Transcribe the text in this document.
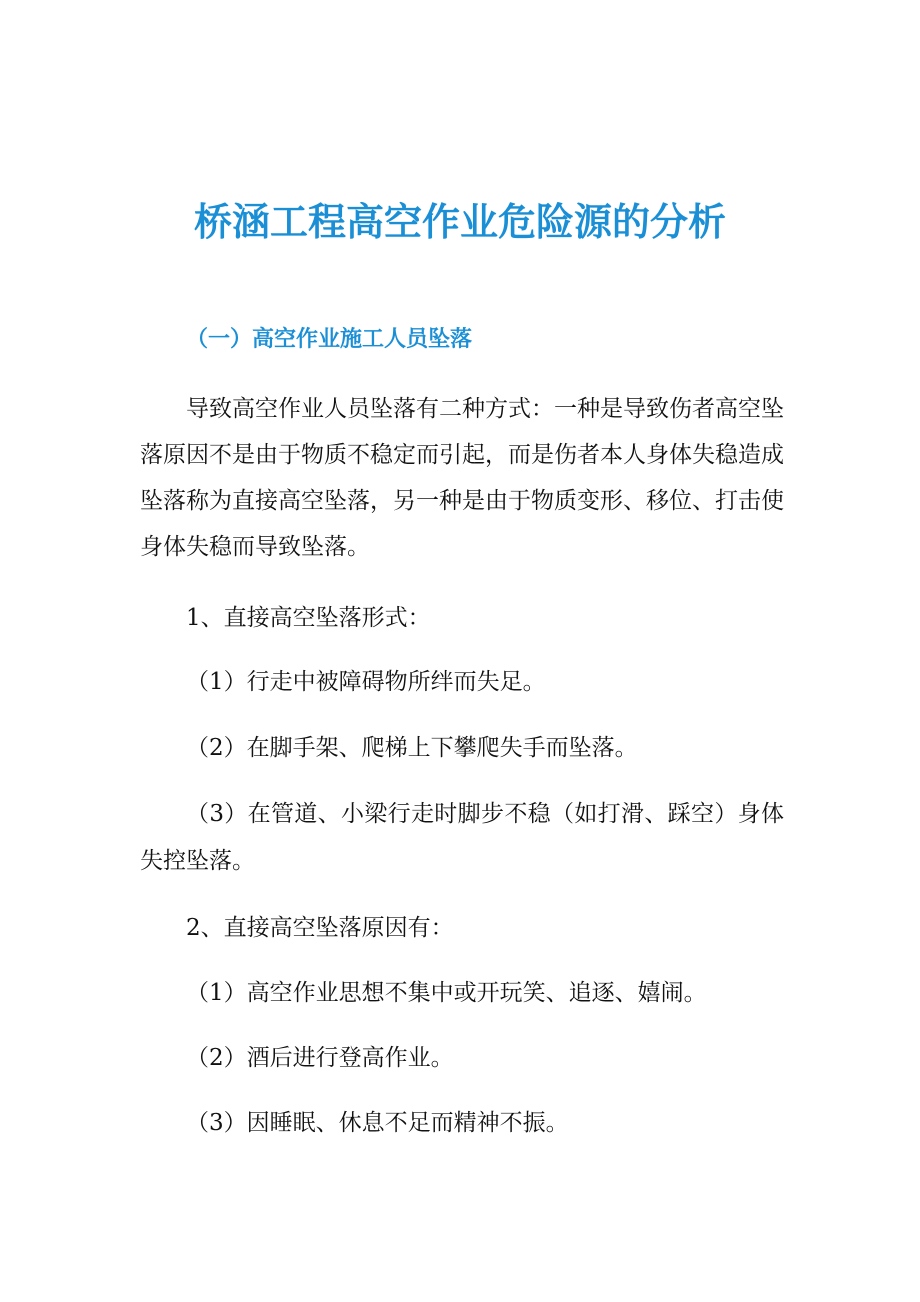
桥涵工程高空作业危险源的分析
（一）高空作业施工人员坠落
导致高空作业人员坠落有二种方式：一种是导致伤者高空坠落原因不是由于物质不稳定而引起，而是伤者本人身体失稳造成坠落称为直接高空坠落，另一种是由于物质变形、移位、打击使身体失稳而导致坠落。
1、直接高空坠落形式：
（1）行走中被障碍物所绊而失足。
（2）在脚手架、爬梯上下攀爬失手而坠落。
（3）在管道、小梁行走时脚步不稳（如打滑、踩空）身体失控坠落。
2、直接高空坠落原因有：
（1）高空作业思想不集中或开玩笑、追逐、嬉闹。
（2）酒后进行登高作业。
（3）因睡眠、休息不足而精神不振。
